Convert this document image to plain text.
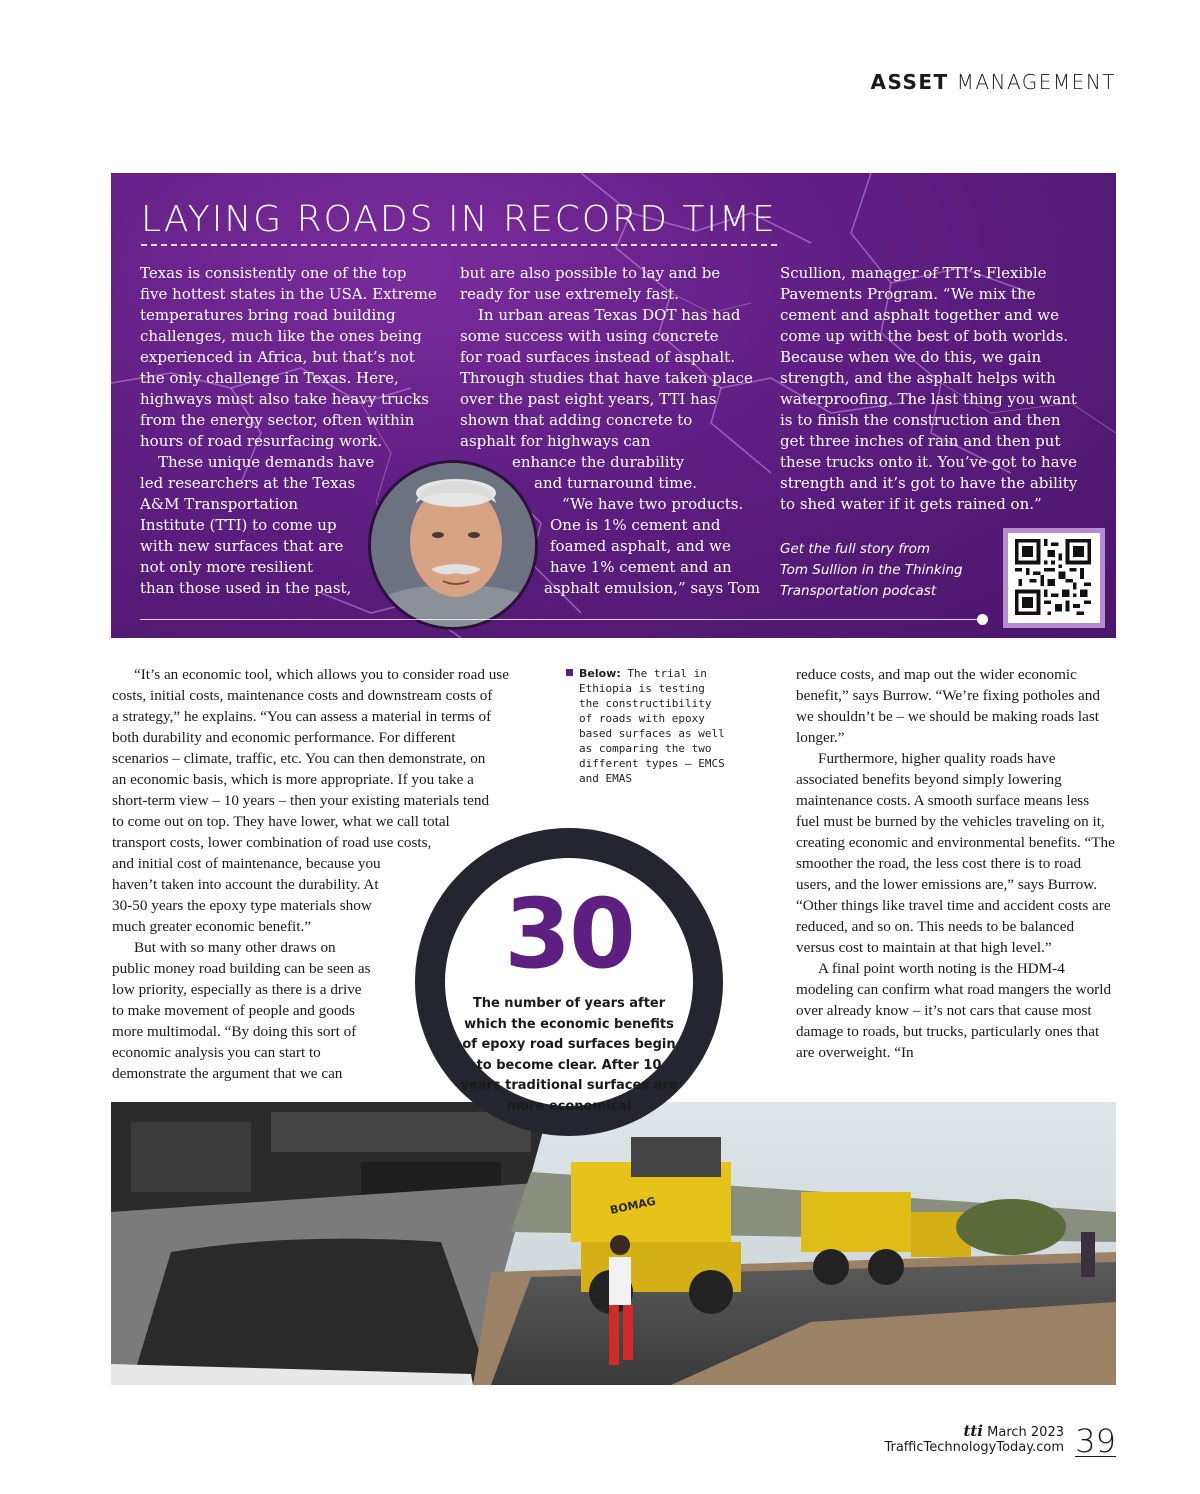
ASSET MANAGEMENT
LAYING ROADS IN RECORD TIME
Texas is consistently one of the top
five hottest states in the USA. Extreme
temperatures bring road building
challenges, much like the ones being
experienced in Africa, but that’s not
the only challenge in Texas. Here,
highways must also take heavy trucks
from the energy sector, often within
hours of road resurfacing work.
These unique demands have
led researchers at the Texas
A&M Transportation
Institute (TTI) to come up
with new surfaces that are
not only more resilient
than those used in the past,
but are also possible to lay and be
ready for use extremely fast.
In urban areas Texas DOT has had
some success with using concrete
for road surfaces instead of asphalt.
Through studies that have taken place
over the past eight years, TTI has
shown that adding concrete to
asphalt for highways can
enhance the durability
and turnaround time.
“We have two products.
One is 1% cement and
foamed asphalt, and we
have 1% cement and an
asphalt emulsion,” says Tom
Scullion, manager of TTI’s Flexible
Pavements Program. “We mix the
cement and asphalt together and we
come up with the best of both worlds.
Because when we do this, we gain
strength, and the asphalt helps with
waterproofing. The last thing you want
is to finish the construction and then
get three inches of rain and then put
these trucks onto it. You’ve got to have
strength and it’s got to have the ability
to shed water if it gets rained on.”
Get the full story from
Tom Sullion in the Thinking
Transportation podcast
“It’s an economic tool, which allows you to consider road use
costs, initial costs, maintenance costs and downstream costs of
a strategy,” he explains. “You can assess a material in terms of
both durability and economic performance. For different
scenarios – climate, traffic, etc. You can then demonstrate, on
an economic basis, which is more appropriate. If you take a
short-term view – 10 years – then your existing materials tend
to come out on top. They have lower, what we call total
transport costs, lower combination of road use costs,
and initial cost of maintenance, because you
haven’t taken into account the durability. At
30-50 years the epoxy type materials show
much greater economic benefit.”
But with so many other draws on
public money road building can be seen as
low priority, especially as there is a drive
to make movement of people and goods
more multimodal. “By doing this sort of
economic analysis you can start to
demonstrate the argument that we can
Below: The trial in Ethiopia is testing the constructibility of roads with epoxy based surfaces as well as comparing the two different types – EMCS and EMAS

reduce costs, and map out the wider economic benefit,” says Burrow. “We’re fixing potholes and we shouldn’t be – we should be making roads last longer.”

Furthermore, higher quality roads have associated benefits beyond simply lowering maintenance costs. A smooth surface means less fuel must be burned by the vehicles traveling on it, creating economic and environmental benefits. “The smoother the road, the less cost there is to road users, and the lower emissions are,” says Burrow. “Other things like travel time and accident costs are reduced, and so on. This needs to be balanced versus cost to maintain at that high level.”

A final point worth noting is the HDM-4 modeling can confirm what road mangers the world over already know – it’s not cars that cause most damage to roads, but trucks, particularly ones that are overweight. “In

BOMAG
30
The number of years after which the economic benefits of epoxy road surfaces begin to become clear. After 10 years traditional surfaces are more economical
tti March 2023
TrafficTechnologyToday.com 39
